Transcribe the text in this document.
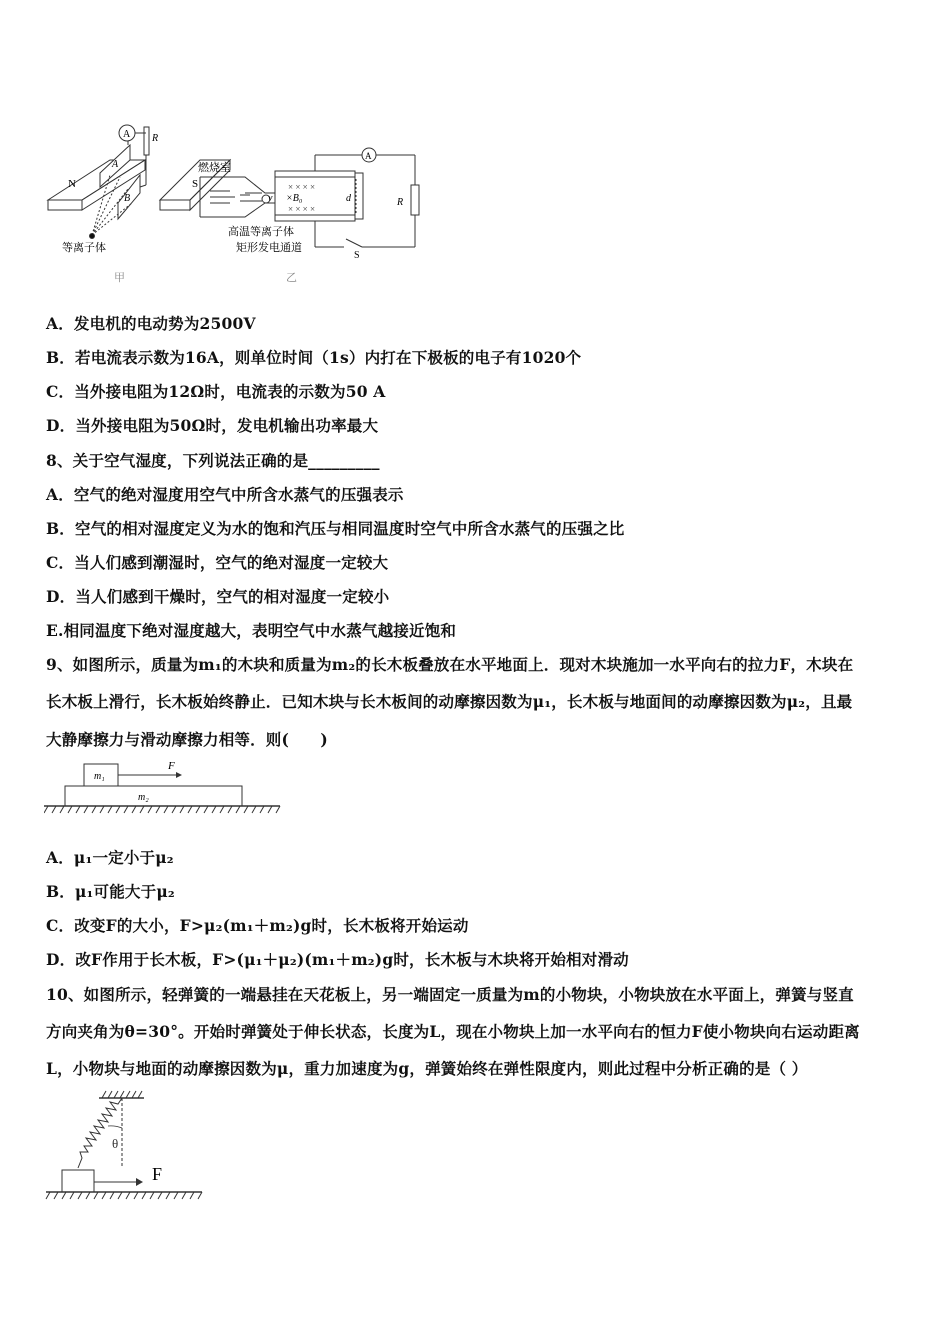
A R
A
B
N	S
等离子体
甲
× × × ×
× × × ×
燃烧室
A
v ×B₀	d	R
高温等离子体
矩形发电通道
S
乙
A．发电机的电动势为2500V
B．若电流表示数为16A，则单位时间（1s）内打在下极板的电子有1020个
C．当外接电阻为12Ω时，电流表的示数为50 A
D．当外接电阻为50Ω时，发电机输出功率最大
8、关于空气湿度，下列说法正确的是_________
A．空气的绝对湿度用空气中所含水蒸气的压强表示
B．空气的相对湿度定义为水的饱和汽压与相同温度时空气中所含水蒸气的压强之比
C．当人们感到潮湿时，空气的绝对湿度一定较大
D．当人们感到干燥时，空气的相对湿度一定较小
E.相同温度下绝对湿度越大，表明空气中水蒸气越接近饱和
9、如图所示，质量为m₁的木块和质量为m₂的长木板叠放在水平地面上．现对木块施加一水平向右的拉力F，木块在
长木板上滑行，长木板始终静止．已知木块与长木板间的动摩擦因数为μ₁，长木板与地面间的动摩擦因数为μ₂，且最
大静摩擦力与滑动摩擦力相等．则(　　)
m₁
m₂
F
A．μ₁一定小于μ₂
B．μ₁可能大于μ₂
C．改变F的大小，F>μ₂(m₁＋m₂)g时，长木板将开始运动
D．改F作用于长木板，F>(μ₁＋μ₂)(m₁＋m₂)g时，长木板与木块将开始相对滑动
10、如图所示，轻弹簧的一端悬挂在天花板上，另一端固定一质量为m的小物块，小物块放在水平面上，弹簧与竖直
方向夹角为θ=30°。开始时弹簧处于伸长状态，长度为L，现在小物块上加一水平向右的恒力F使小物块向右运动距离
L，小物块与地面的动摩擦因数为μ，重力加速度为g，弹簧始终在弹性限度内，则此过程中分析正确的是（ ）
θ
F
